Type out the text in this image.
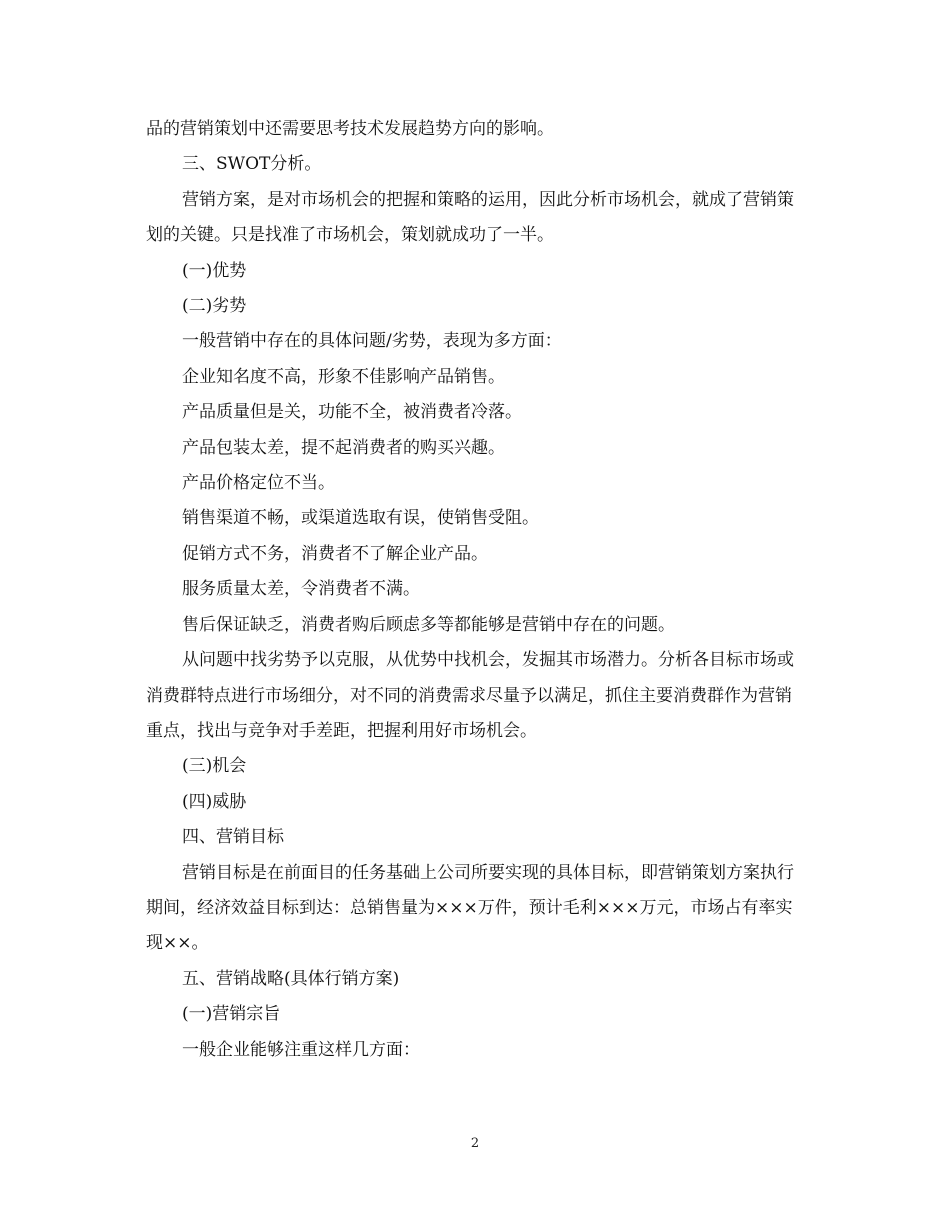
品的营销策划中还需要思考技术发展趋势方向的影响。

三、SWOT分析。

营销方案，是对市场机会的把握和策略的运用，因此分析市场机会，就成了营销策划的关键。只是找准了市场机会，策划就成功了一半。

(一)优势

(二)劣势

一般营销中存在的具体问题/劣势，表现为多方面：

企业知名度不高，形象不佳影响产品销售。

产品质量但是关，功能不全，被消费者冷落。

产品包装太差，提不起消费者的购买兴趣。

产品价格定位不当。

销售渠道不畅，或渠道选取有误，使销售受阻。

促销方式不务，消费者不了解企业产品。

服务质量太差，令消费者不满。

售后保证缺乏，消费者购后顾虑多等都能够是营销中存在的问题。

从问题中找劣势予以克服，从优势中找机会，发掘其市场潜力。分析各目标市场或消费群特点进行市场细分，对不同的消费需求尽量予以满足，抓住主要消费群作为营销重点，找出与竞争对手差距，把握利用好市场机会。

(三)机会

(四)威胁

四、营销目标

营销目标是在前面目的任务基础上公司所要实现的具体目标，即营销策划方案执行期间，经济效益目标到达：总销售量为×××万件，预计毛利×××万元，市场占有率实现××。

五、营销战略(具体行销方案)

(一)营销宗旨

一般企业能够注重这样几方面：

2
